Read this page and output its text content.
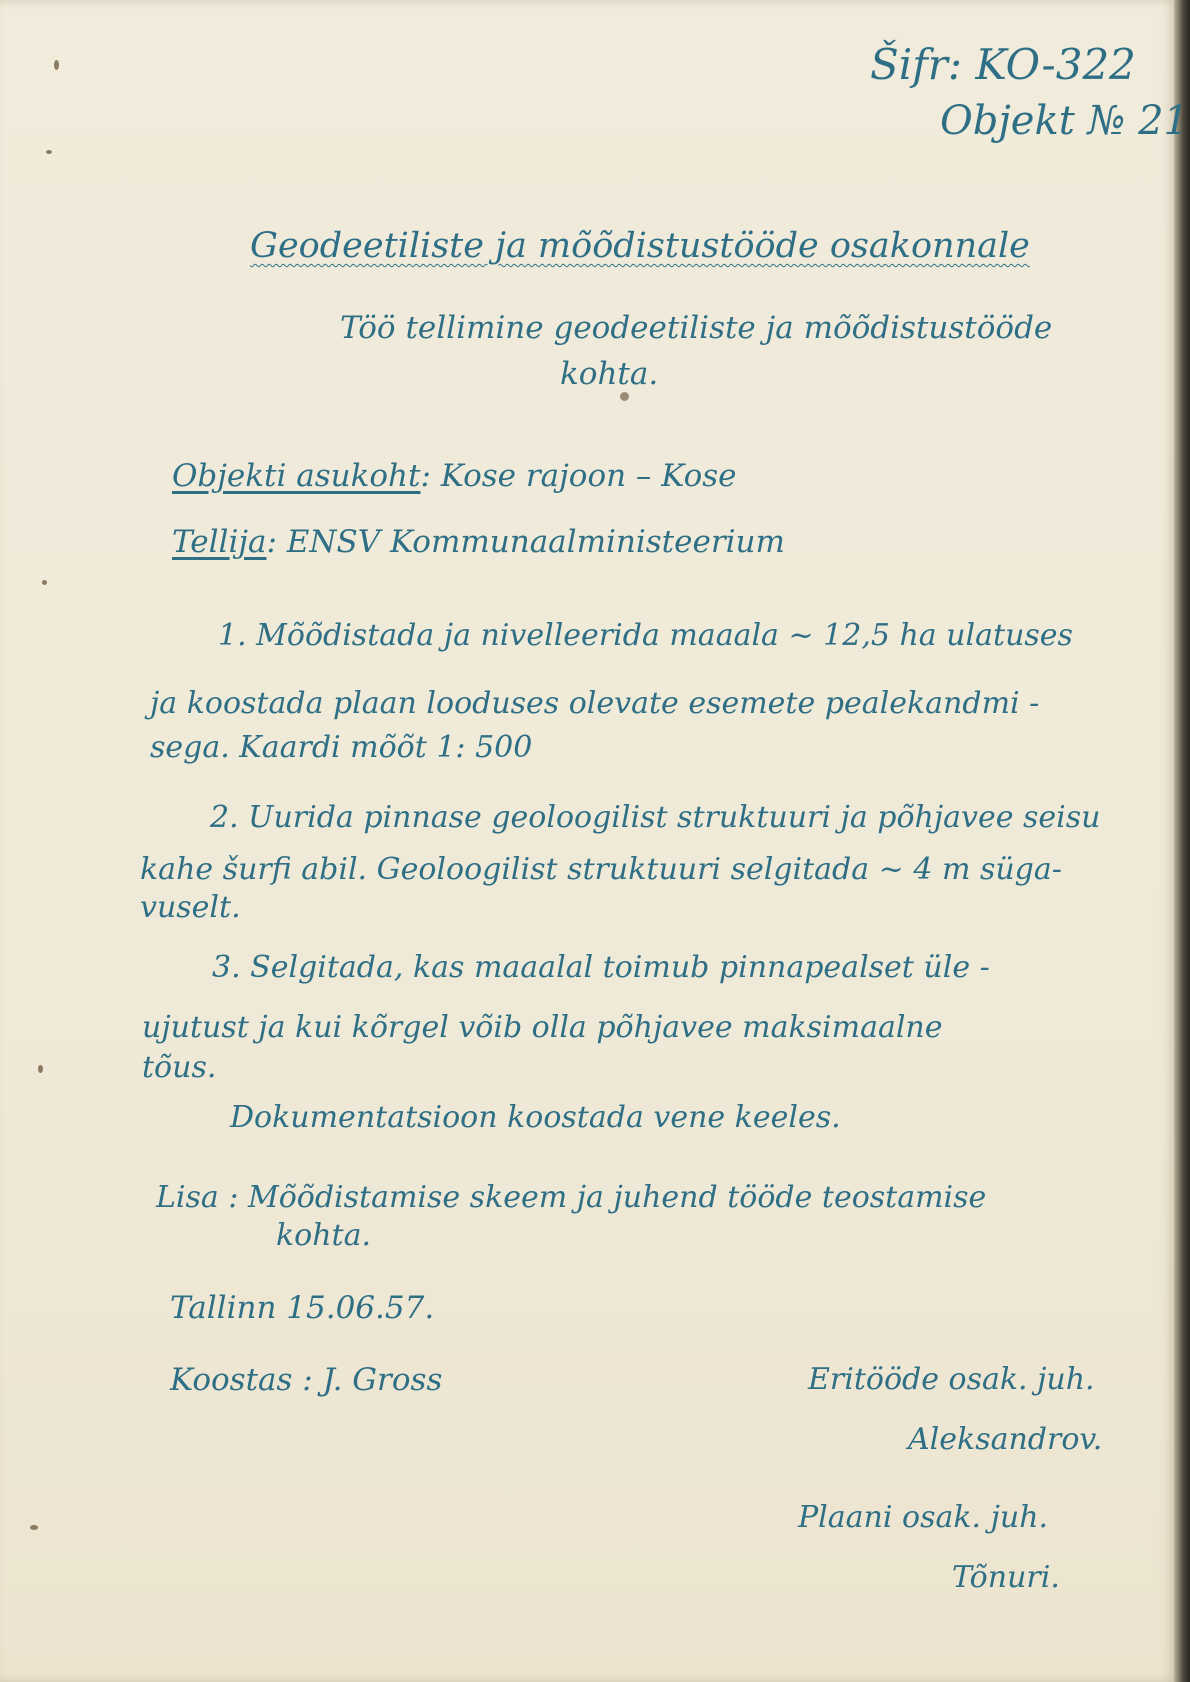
Šifr: KO-322
Objekt № 21
Geodeetiliste ja mõõdistustööde osakonnale
Töö tellimine geodeetiliste ja mõõdistustööde
kohta.
Objekti asukoht: Kose rajoon – Kose
Tellija: ENSV Kommunaalministeerium
1. Mõõdistada ja nivelleerida maaala ~ 12,5 ha ulatuses
ja koostada plaan looduses olevate esemete pealekandmi -
sega. Kaardi mõõt 1: 500
2. Uurida pinnase geoloogilist struktuuri ja põhjavee seisu
kahe šurfi abil. Geoloogilist struktuuri selgitada ~ 4 m süga-
vuselt.
3. Selgitada, kas maaalal toimub pinnapealset üle -
ujutust ja kui kõrgel võib olla põhjavee maksimaalne
tõus.
Dokumentatsioon koostada vene keeles.
Lisa : Mõõdistamise skeem ja juhend tööde teostamise
kohta.
Tallinn 15.06.57.
Koostas : J. Gross	Eritööde osak. juh.
Aleksandrov.
Plaani osak. juh.
Tõnuri.
